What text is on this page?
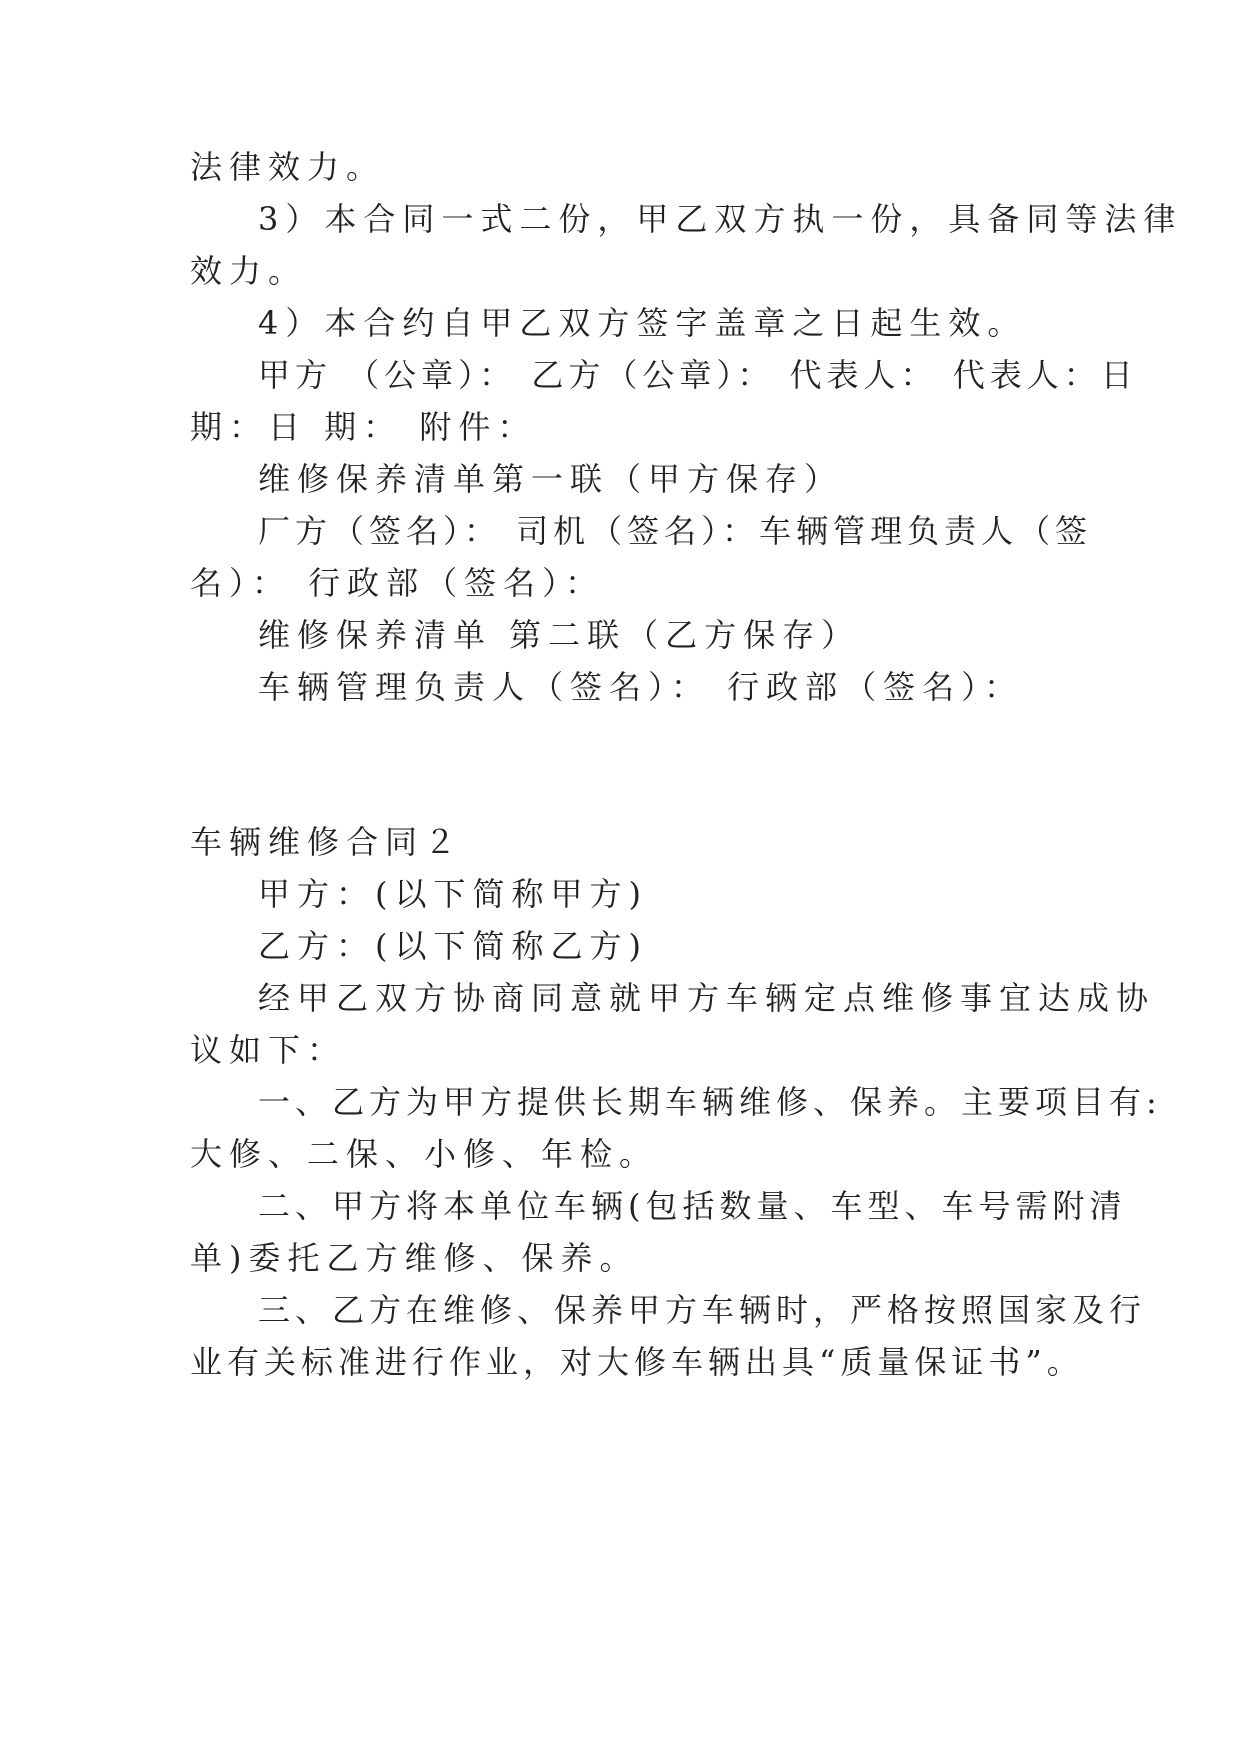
法律效力。

3）本合同一式二份，甲乙双方执一份，具备同等法律

效力。

4）本合约自甲乙双方签字盖章之日起生效。

甲方 （公章）： 乙方（公章）： 代表人： 代表人：日

期：日 期： 附件：

维修保养清单第一联（甲方保存）

厂方（签名）： 司机（签名）：车辆管理负责人（签

名）： 行政部（签名）：

维修保养清单 第二联（乙方保存）

车辆管理负责人（签名）： 行政部（签名）：

车辆维修合同２

甲方：(以下简称甲方)

乙方：(以下简称乙方)

经甲乙双方协商同意就甲方车辆定点维修事宜达成协

议如下：

一、乙方为甲方提供长期车辆维修、保养。主要项目有:

大修、二保、小修、年检。

二、甲方将本单位车辆(包括数量、车型、车号需附清

单)委托乙方维修、保养。

三、乙方在维修、保养甲方车辆时，严格按照国家及行

业有关标准进行作业，对大修车辆出具“质量保证书”。
